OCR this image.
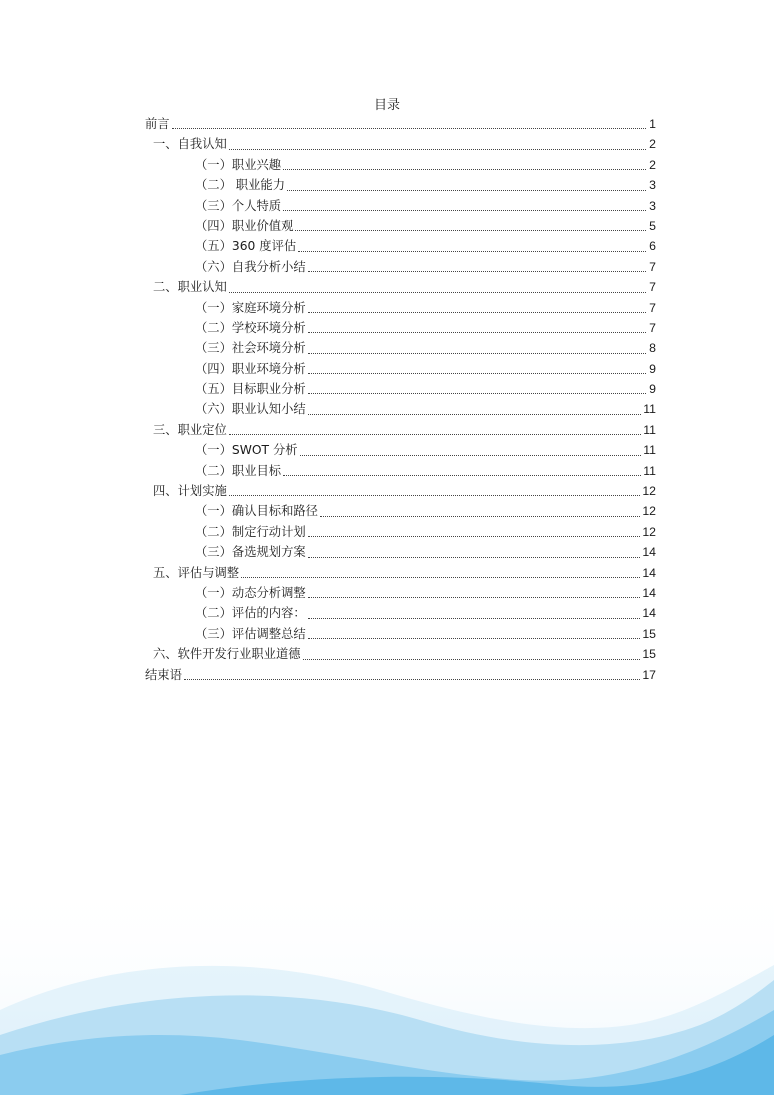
目录
前言	1
一、自我认知	2
（一）职业兴趣	2
（二） 职业能力	3
（三）个人特质	3
（四）职业价值观	5
（五）360 度评估	6
（六）自我分析小结	7
二、职业认知	7
（一）家庭环境分析	7
（二）学校环境分析	7
（三）社会环境分析	8
（四）职业环境分析	9
（五）目标职业分析	9
（六）职业认知小结	11
三、职业定位	11
（一）SWOT 分析	11
（二）职业目标	11
四、计划实施	12
（一）确认目标和路径	12
（二）制定行动计划	12
（三）备选规划方案	14
五、评估与调整	14
（一）动态分析调整	14
（二）评估的内容：	14
（三）评估调整总结	15
六、软件开发行业职业道德	15
结束语	17
